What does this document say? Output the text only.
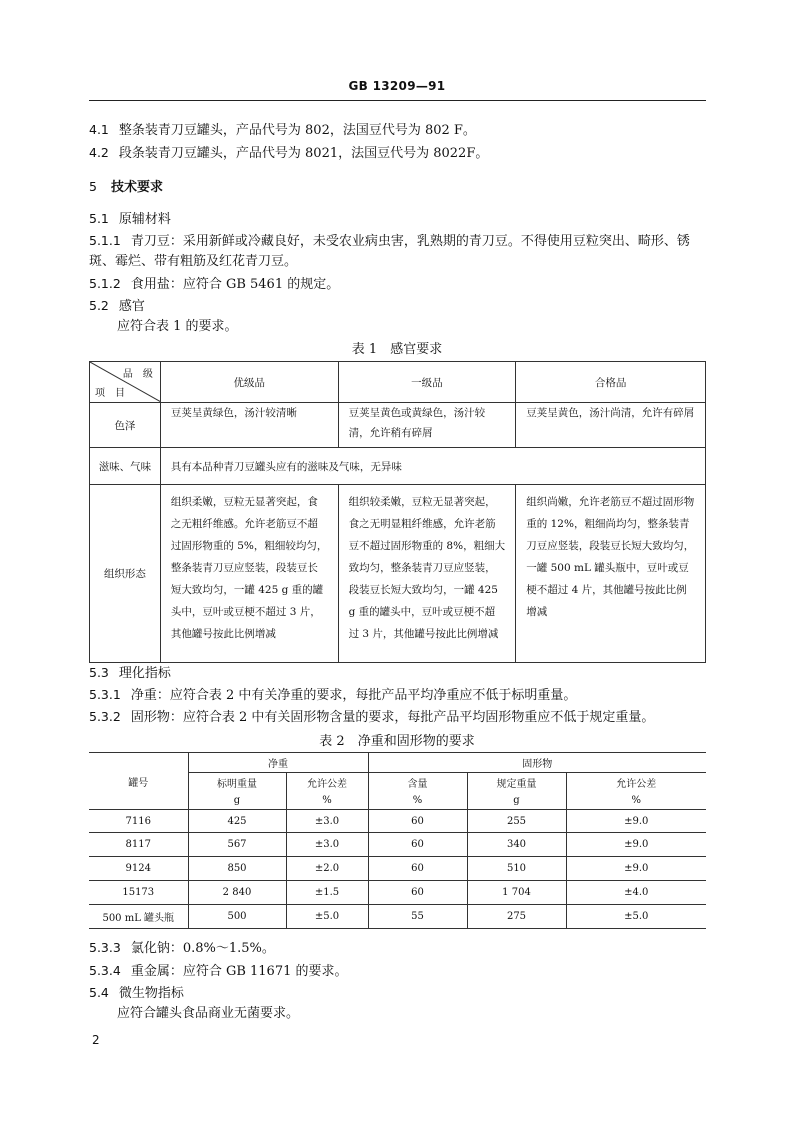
GB 13209—91
4.1 整条装青刀豆罐头，产品代号为 802，法国豆代号为 802 F。
4.2 段条装青刀豆罐头，产品代号为 8021，法国豆代号为 8022F。
5 技术要求
5.1 原辅材料
5.1.1 青刀豆：采用新鲜或冷藏良好，未受农业病虫害，乳熟期的青刀豆。不得使用豆粒突出、畸形、锈
斑、霉烂、带有粗筋及红花青刀豆。
5.1.2 食用盐：应符合 GB 5461 的规定。
5.2 感官
应符合表 1 的要求。
表 1　感官要求
品　级
项　目	优级品	一级品	合格品
色泽	豆荚呈黄绿色，汤汁较清晰	豆荚呈黄色或黄绿色，汤汁较清，允许稍有碎屑	豆荚呈黄色，汤汁尚清，允许有碎屑

滋味、气味	具有本品种青刀豆罐头应有的滋味及气味，无异味		

组织形态	组织柔嫩，豆粒无显著突起，食之无粗纤维感。允许老筋豆不超过固形物重的 5%，粗细较均匀，整条装青刀豆应竖装，段装豆长短大致均匀，一罐 425 g 重的罐头中，豆叶或豆梗不超过 3 片，其他罐号按此比例增减	组织较柔嫩，豆粒无显著突起，食之无明显粗纤维感，允许老筋豆不超过固形物重的 8%，粗细大致均匀，整条装青刀豆应竖装，段装豆长短大致均匀，一罐 425 g 重的罐头中，豆叶或豆梗不超过 3 片，其他罐号按此比例增减	组织尚嫩，允许老筋豆不超过固形物重的 12%，粗细尚均匀，整条装青刀豆应竖装，段装豆长短大致均匀，一罐 500 mL 罐头瓶中，豆叶或豆梗不超过 4 片，其他罐号按此比例增减
5.3 理化指标
5.3.1 净重：应符合表 2 中有关净重的要求，每批产品平均净重应不低于标明重量。
5.3.2 固形物：应符合表 2 中有关固形物含量的要求，每批产品平均固形物重应不低于规定重量。
表 2　净重和固形物的要求
罐号	净重		固形物		
	标明重量	允许公差	含量	规定重量	允许公差
	g	%	%	g	%
7116	425	±3.0	60	255	±9.0
8117	567	±3.0	60	340	±9.0
9124	850	±2.0	60	510	±9.0
15173	2 840	±1.5	60	1 704	±4.0
500 mL 罐头瓶	500	±5.0	55	275	±5.0
5.3.3 氯化钠：0.8%～1.5%。
5.3.4 重金属：应符合 GB 11671 的要求。
5.4 微生物指标
应符合罐头食品商业无菌要求。
2
